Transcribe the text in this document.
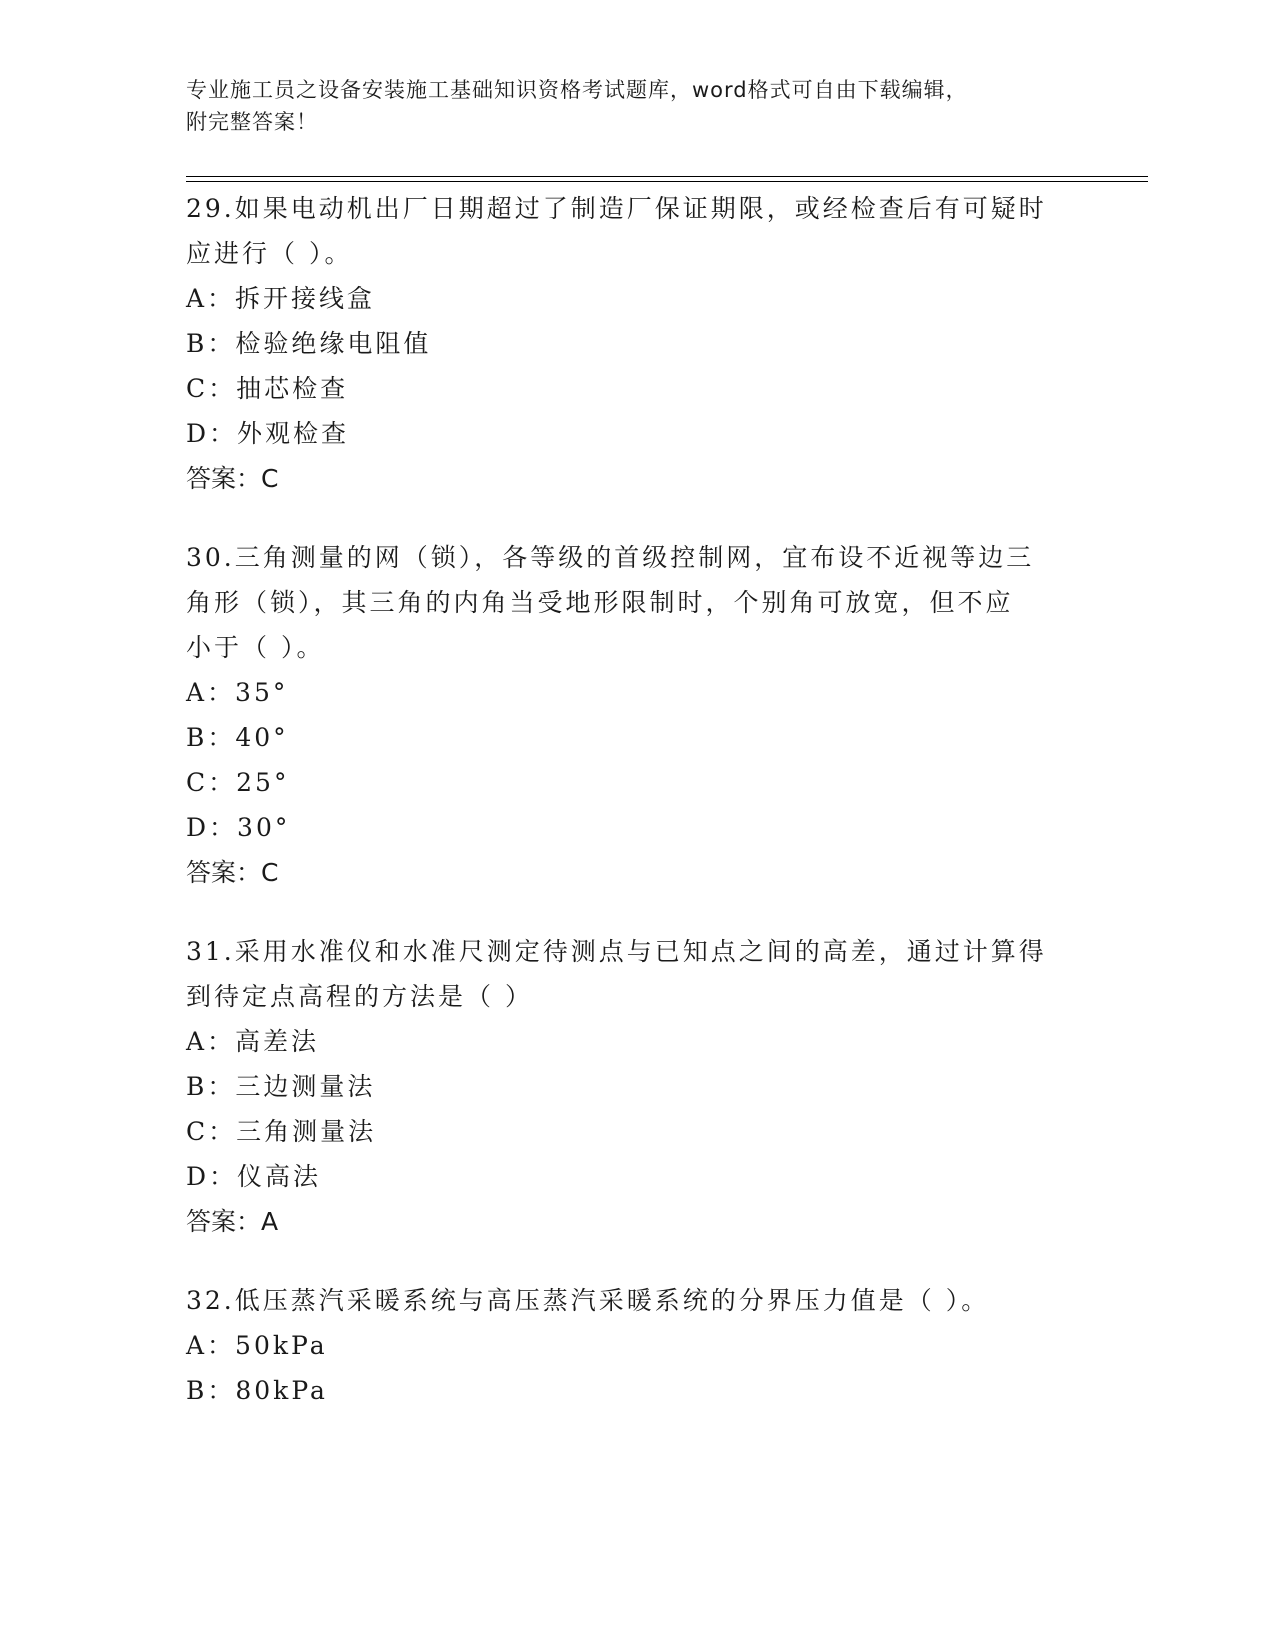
专业施工员之设备安装施工基础知识资格考试题库，word格式可自由下载编辑，
附完整答案！

29.如果电动机出厂日期超过了制造厂保证期限，或经检查后有可疑时
应进行（ ）。

A：拆开接线盒

B：检验绝缘电阻值

C：抽芯检查

D：外观检查

答案：C

30.三角测量的网（锁），各等级的首级控制网，宜布设不近视等边三
角形（锁），其三角的内角当受地形限制时，个别角可放宽，但不应
小于（ ）。

A：35°

B：40°

C：25°

D：30°

答案：C

31.采用水准仪和水准尺测定待测点与已知点之间的高差，通过计算得
到待定点高程的方法是（ ）

A：高差法

B：三边测量法

C：三角测量法

D：仪高法

答案：A

32.低压蒸汽采暖系统与高压蒸汽采暖系统的分界压力值是（ ）。

A：50kPa

B：80kPa
